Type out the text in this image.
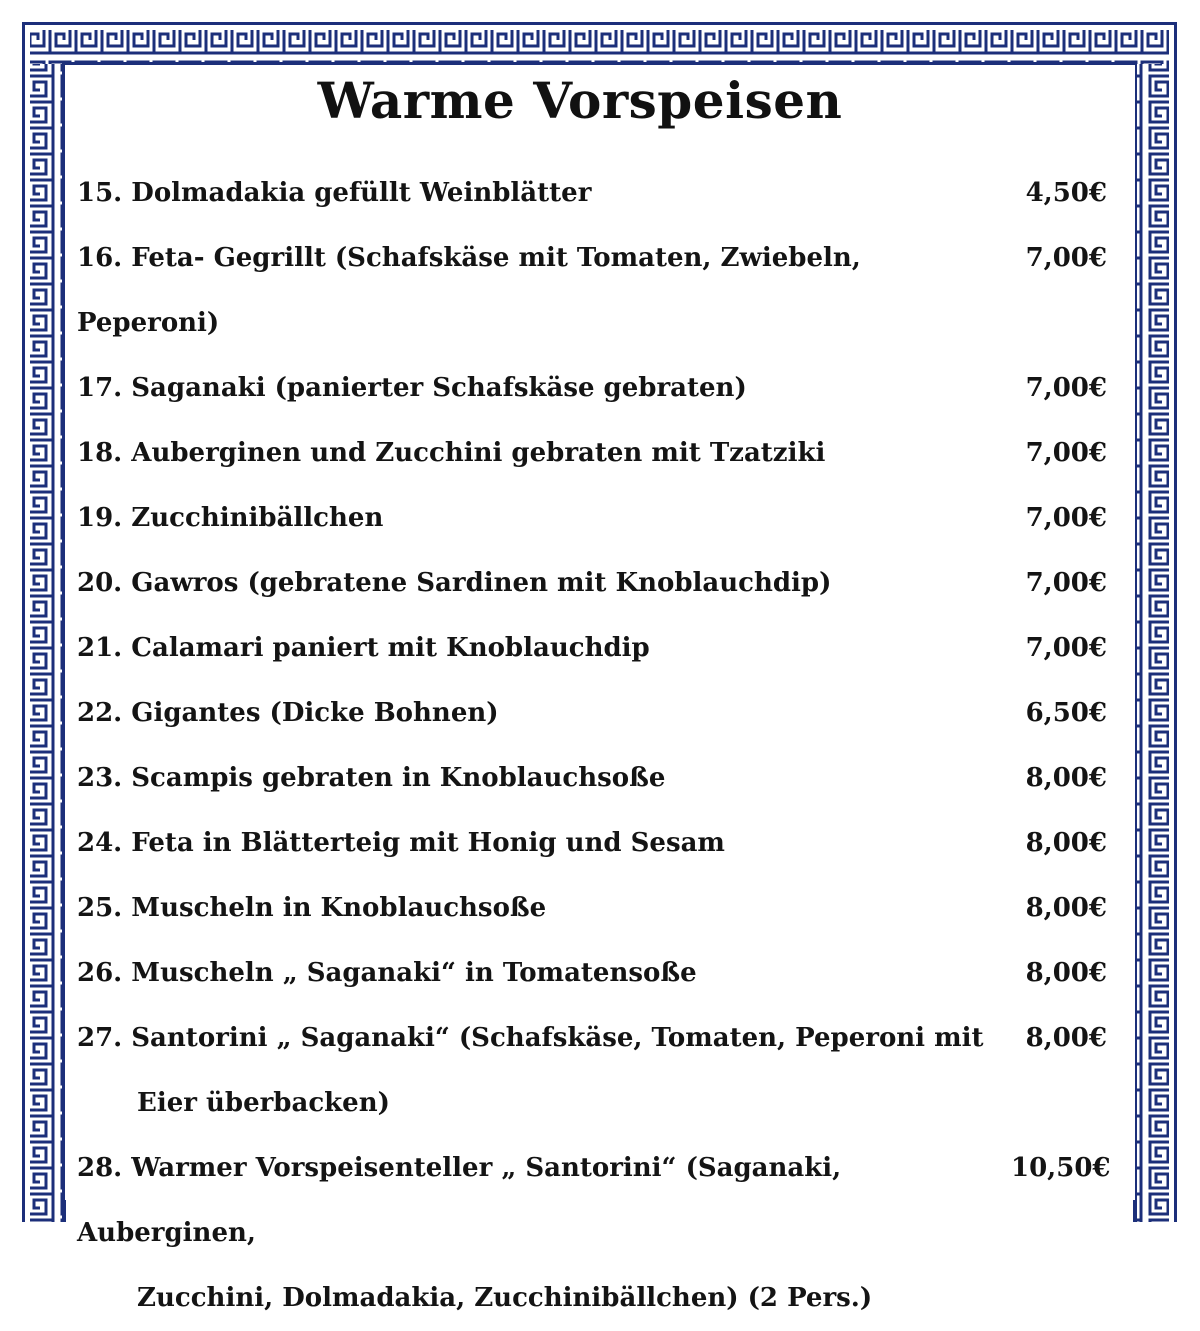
Warme Vorspeisen
15. Dolmadakia gefüllt Weinblätter	4,50€
16. Feta- Gegrillt (Schafskäse mit Tomaten, Zwiebeln, Peperoni)
7,00€
17. Saganaki (panierter Schafskäse gebraten)	7,00€
18. Auberginen und Zucchini gebraten mit Tzatziki	7,00€
19. Zucchinibällchen	7,00€
20. Gawros (gebratene Sardinen mit Knoblauchdip)	7,00€
21. Calamari paniert mit Knoblauchdip	7,00€
22. Gigantes (Dicke Bohnen)	6,50€
23. Scampis gebraten in Knoblauchsoße	8,00€
24. Feta in Blätterteig mit Honig und Sesam	8,00€
25. Muscheln in Knoblauchsoße	8,00€
26. Muscheln „ Saganaki“ in Tomatensoße	8,00€
27. Santorini „ Saganaki“ (Schafskäse, Tomaten, Peperoni mit
Eier überbacken)
8,00€
28. Warmer Vorspeisenteller „ Santorini“ (Saganaki, Auberginen,
Zucchini, Dolmadakia, Zucchinibällchen) (2 Pers.)
10,50€
